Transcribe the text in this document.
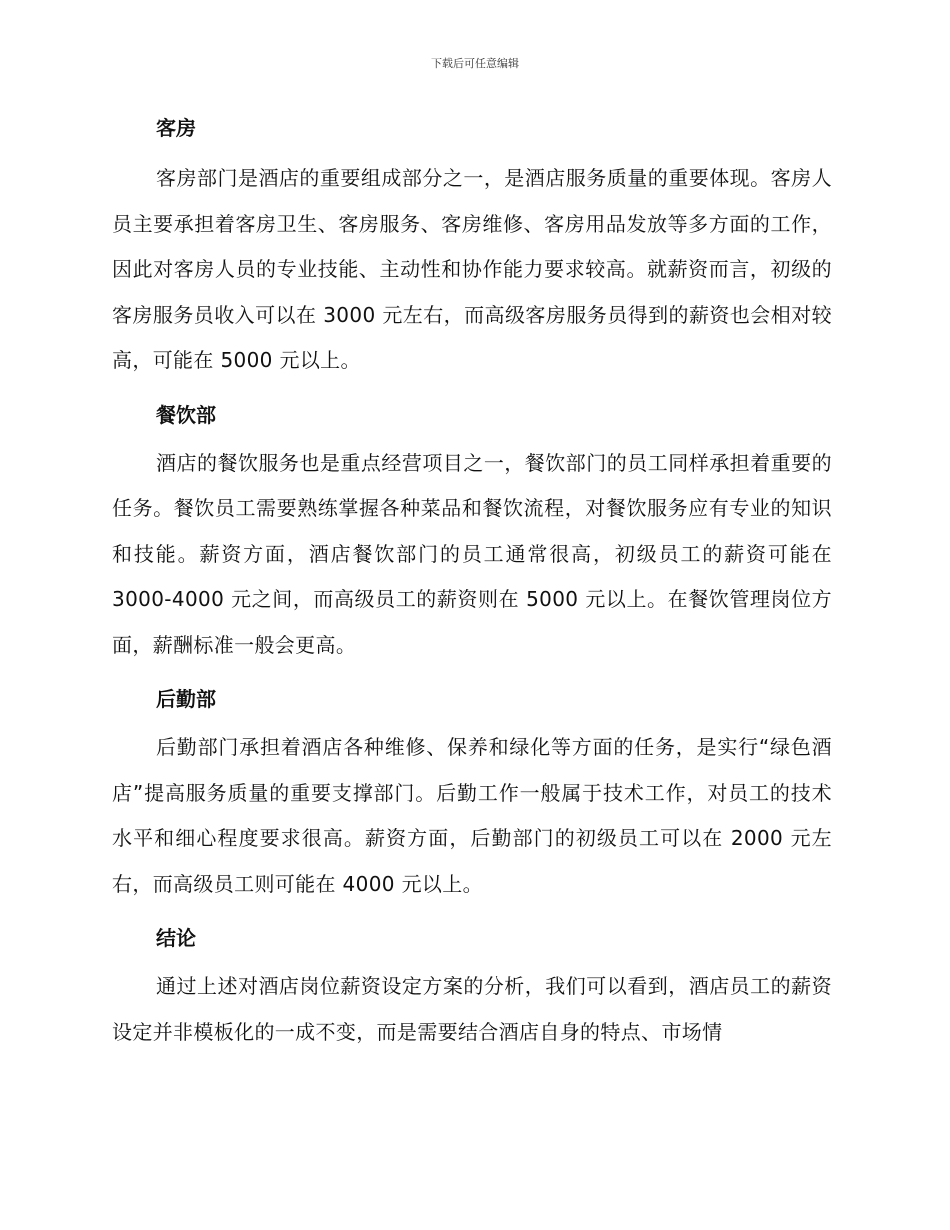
下载后可任意编辑
客房

客房部门是酒店的重要组成部分之一，是酒店服务质量的重要体现。客房人员主要承担着客房卫生、客房服务、客房维修、客房用品发放等多方面的工作，因此对客房人员的专业技能、主动性和协作能力要求较高。就薪资而言，初级的客房服务员收入可以在 3000 元左右，而高级客房服务员得到的薪资也会相对较高，可能在 5000 元以上。

餐饮部

酒店的餐饮服务也是重点经营项目之一，餐饮部门的员工同样承担着重要的任务。餐饮员工需要熟练掌握各种菜品和餐饮流程，对餐饮服务应有专业的知识和技能。薪资方面，酒店餐饮部门的员工通常很高，初级员工的薪资可能在 3000-4000 元之间，而高级员工的薪资则在 5000 元以上。在餐饮管理岗位方面，薪酬标准一般会更高。

后勤部

后勤部门承担着酒店各种维修、保养和绿化等方面的任务，是实行“绿色酒店”提高服务质量的重要支撑部门。后勤工作一般属于技术工作，对员工的技术水平和细心程度要求很高。薪资方面，后勤部门的初级员工可以在 2000 元左右，而高级员工则可能在 4000 元以上。

结论

通过上述对酒店岗位薪资设定方案的分析，我们可以看到，酒店员工的薪资设定并非模板化的一成不变，而是需要结合酒店自身的特点、市场情
